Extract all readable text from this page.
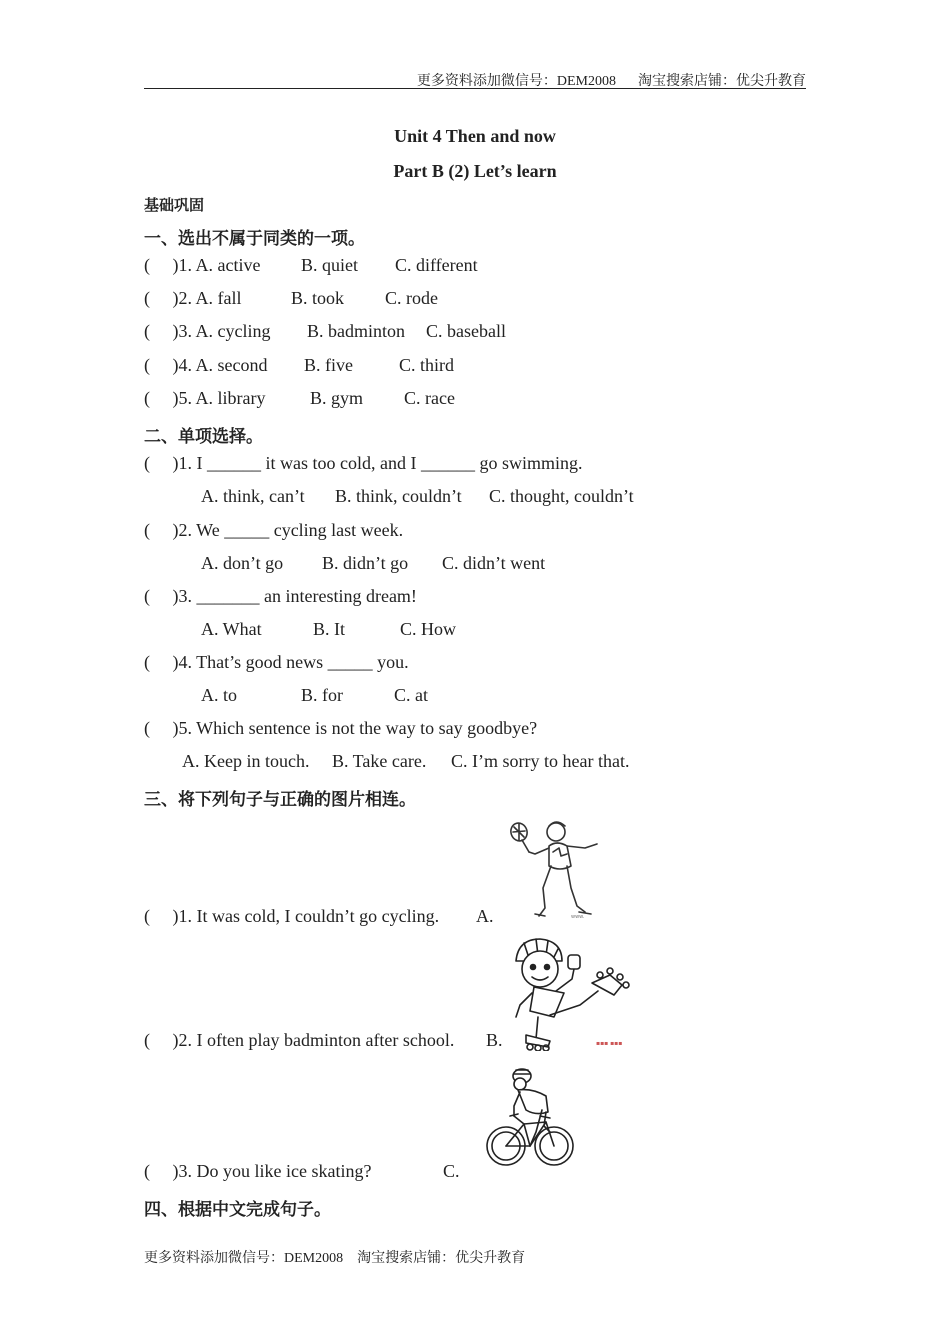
更多资料添加微信号：DEM2008 淘宝搜索店铺：优尖升教育
Unit 4 Then and now
Part B (2) Let’s learn
基础巩固
一、选出不属于同类的一项。
(     )1. A. active B. quiet C. different
(     )2. A. fall	B. took C. rode
(     )3. A. cycling B. badminton C. baseball
(     )4. A. second B. five	C. third
(     )5. A. library B. gym C. race
二、单项选择。
(     )1. I ______ it was too cold, and I ______ go swimming.
A. think, can’t B. think, couldn’t C. thought, couldn’t
(     )2. We _____ cycling last week.
A. don’t go B. didn’t go C. didn’t went
(     )3. _______ an interesting dream!
A. What	B. It	C. How
(     )4. That’s good news _____ you.
A. to	B. for	C. at
(     )5. Which sentence is not the way to say goodbye?
A. Keep in touch. B. Take care. C. I’m sorry to hear that.
三、将下列句子与正确的图片相连。
(     )1. It was cold, I couldn’t go cycling. A.
(     )2. I often play badminton after school. B.
(     )3. Do you like ice skating?	C.
www.
▪▪▪ ▪▪▪
四、根据中文完成句子。
更多资料添加微信号：DEM2008 淘宝搜索店铺：优尖升教育
